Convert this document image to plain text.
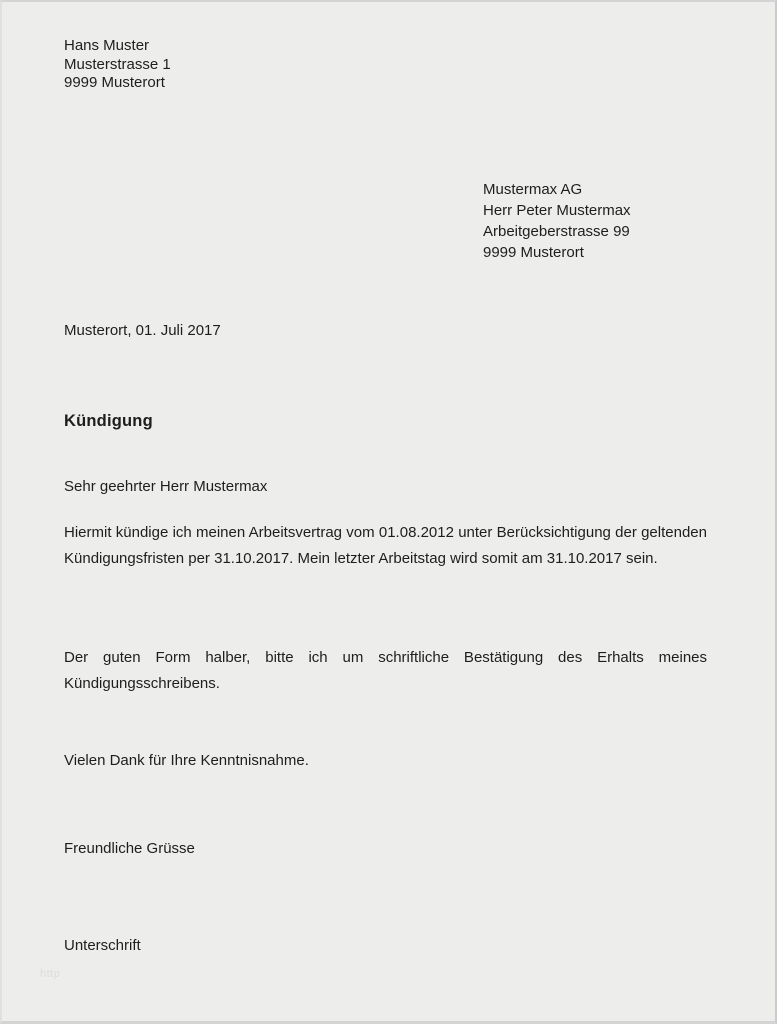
Hans Muster
Musterstrasse 1
9999 Musterort
Mustermax AG
Herr Peter Mustermax
Arbeitgeberstrasse 99
9999 Musterort
Musterort, 01. Juli 2017
Kündigung
Sehr geehrter Herr Mustermax

Hiermit kündige ich meinen Arbeitsvertrag vom 01.08.2012 unter Berücksichtigung der geltenden Kündigungsfristen per 31.10.2017. Mein letzter Arbeitstag wird somit am 31.10.2017 sein.

Der guten Form halber, bitte ich um schriftliche Bestätigung des Erhalts meines Kündigungsschreibens.

Vielen Dank für Ihre Kenntnisnahme.
Freundliche Grüsse
Unterschrift
http
